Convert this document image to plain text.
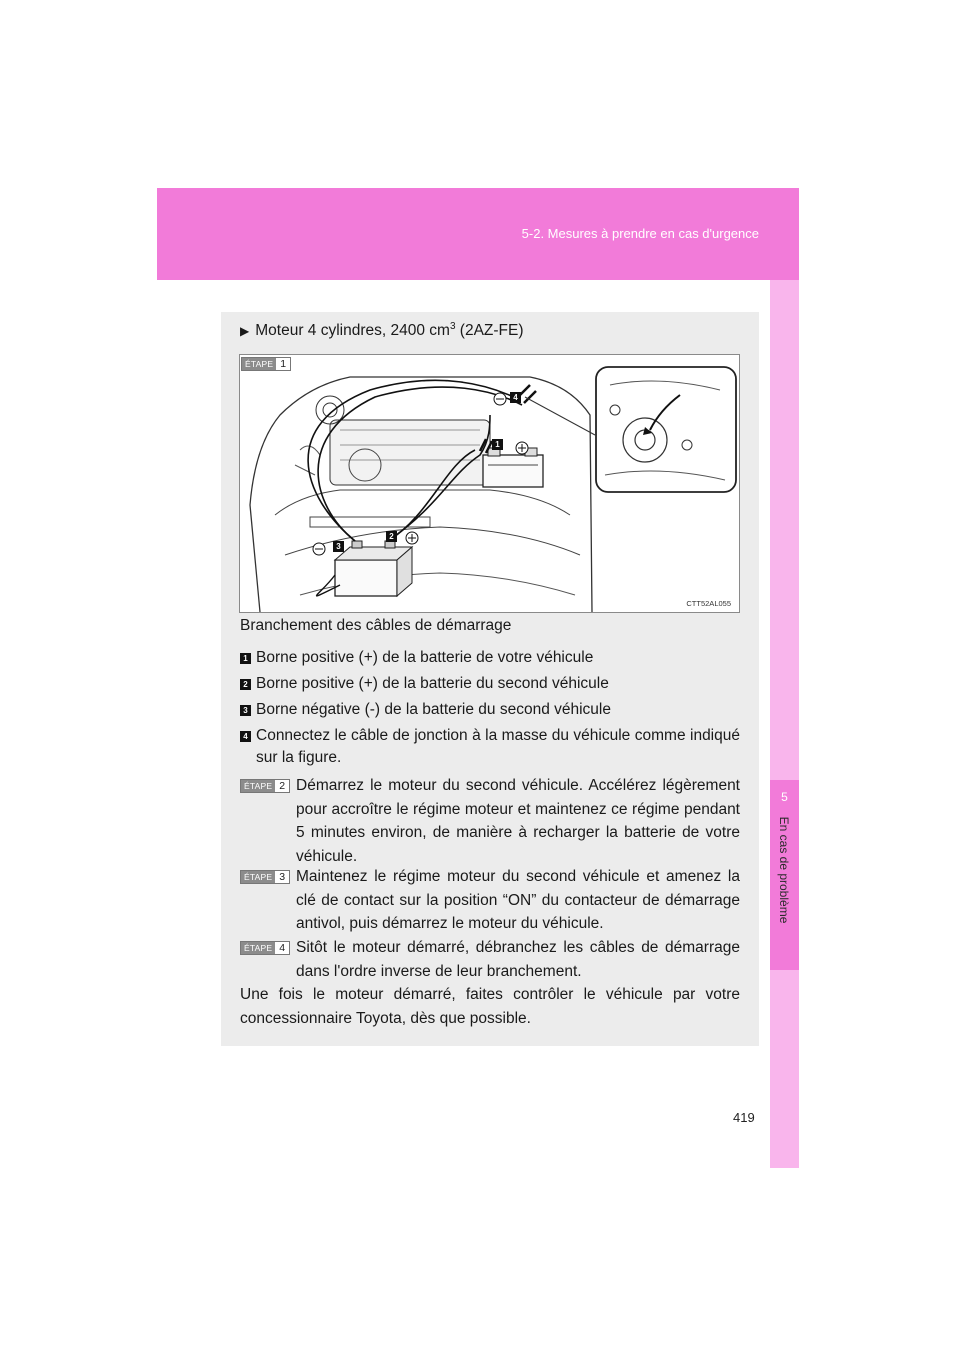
5-2. Mesures à prendre en cas d'urgence
5
En cas de problème
▶ Moteur 4 cylindres, 2400 $cm^3$ (2AZ-FE)
ÉTAPE 1
1
2
3
4
CTT52AL055
Branchement des câbles de démarrage
1 Borne positive (+) de la batterie de votre véhicule
2 Borne positive (+) de la batterie du second véhicule
3 Borne négative (-) de la batterie du second véhicule
4 Connectez le câble de jonction à la masse du véhicule comme indiqué sur la figure.
ÉTAPE 2 Démarrez le moteur du second véhicule. Accélérez légèrement pour accroître le régime moteur et maintenez ce régime pendant 5 minutes environ, de manière à recharger la batterie de votre véhicule.
ÉTAPE 3 Maintenez le régime moteur du second véhicule et amenez la clé de contact sur la position “ON” du contacteur de démarrage antivol, puis démarrez le moteur du véhicule.
ÉTAPE 4 Sitôt le moteur démarré, débranchez les câbles de démarrage dans l'ordre inverse de leur branchement.
Une fois le moteur démarré, faites contrôler le véhicule par votre concessionnaire Toyota, dès que possible.
419
